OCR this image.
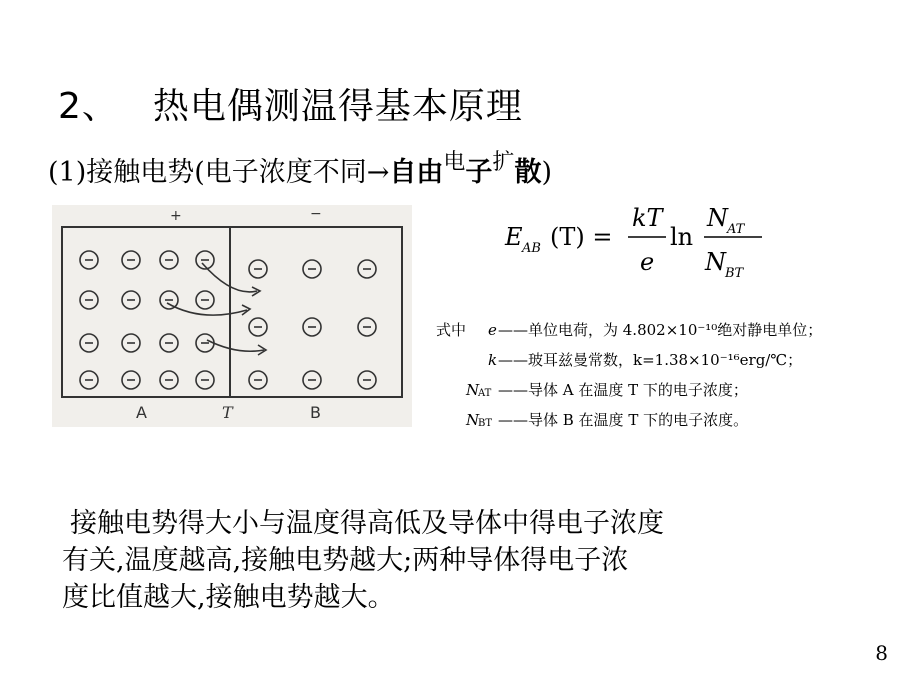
2、 热电偶测温得基本原理
(1)接触电势(电子浓度不同→自由$^电$子$^扩$散)
+	−
A	T	B
E AB (T) =
kT
e
ln
N AT
N BT
式中 e ——单位电荷，为 4.802×10⁻¹⁰绝对静电单位；
k ——玻耳兹曼常数，k=1.38×10⁻¹⁶erg/℃；
N
AT ——导体 A 在温度 T 下的电子浓度；
N
BT ——导体 B 在温度 T 下的电子浓度。
接触电势得大小与温度得高低及导体中得电子浓度
有关,温度越高,接触电势越大;两种导体得电子浓
度比值越大,接触电势越大。
8
